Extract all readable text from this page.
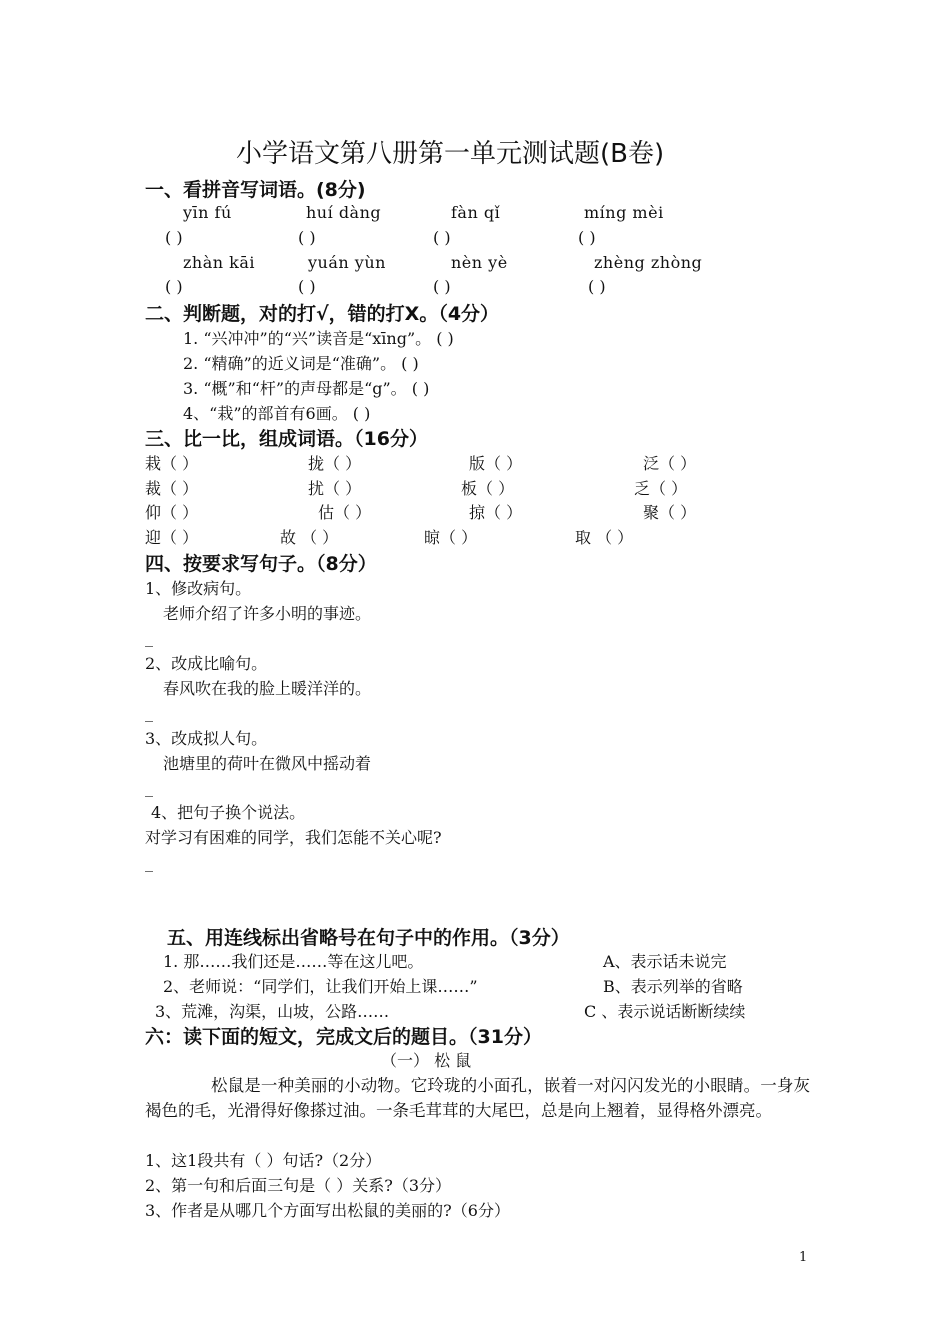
小学语文第八册第一单元测试题(B卷)
一、看拼音写词语。(8分)
yīn fú	huí dàng	fàn qǐ	míng mèi
( )	( )	( )	( )
zhàn kāi	yuán yùn	nèn yè	zhèng zhòng
( )	( )	( )	( )
二、判断题，对的打√，错的打X。（4分）
1. “兴冲冲”的“兴”读音是“xīng”。 ( )
2. “精确”的近义词是“准确”。 ( )
3. “概”和“杆”的声母都是“g”。 ( )
4、“栽”的部首有6画。 ( )
三、比一比，组成词语。（16分）
栽（ ）	拢（ ）	版（ ）	泛（ ）
裁（ ）	扰（ ）	板（ ）	乏（ ）
仰（ ）	估（ ）	掠（ ）	聚（ ）
迎（ ）	故 （ ）	晾（ ）	取 （ ）
四、按要求写句子。（8分）
1、修改病句。
老师介绍了许多小明的事迹。
_
2、改成比喻句。
春风吹在我的脸上暖洋洋的。
_
3、改成拟人句。
池塘里的荷叶在微风中摇动着
_
4、把句子换个说法。
对学习有困难的同学，我们怎能不关心呢?
_
五、用连线标出省略号在句子中的作用。（3分）
1. 那……我们还是……等在这儿吧。
2、老师说：“同学们，让我们开始上课……”
3、荒滩，沟渠，山坡，公路……
A、表示话未说完
B、表示列举的省略
C 、表示说话断断续续
六：读下面的短文，完成文后的题目。（31分）
（一） 松 鼠
松鼠是一种美丽的小动物。它玲珑的小面孔，嵌着一对闪闪发光的小眼睛。一身灰褐色的毛，光滑得好像搽过油。一条毛茸茸的大尾巴，总是向上翘着，显得格外漂亮。
1、这1段共有（ ）句话?（2分）
2、第一句和后面三句是（ ）关系?（3分）
3、作者是从哪几个方面写出松鼠的美丽的?（6分）
1
